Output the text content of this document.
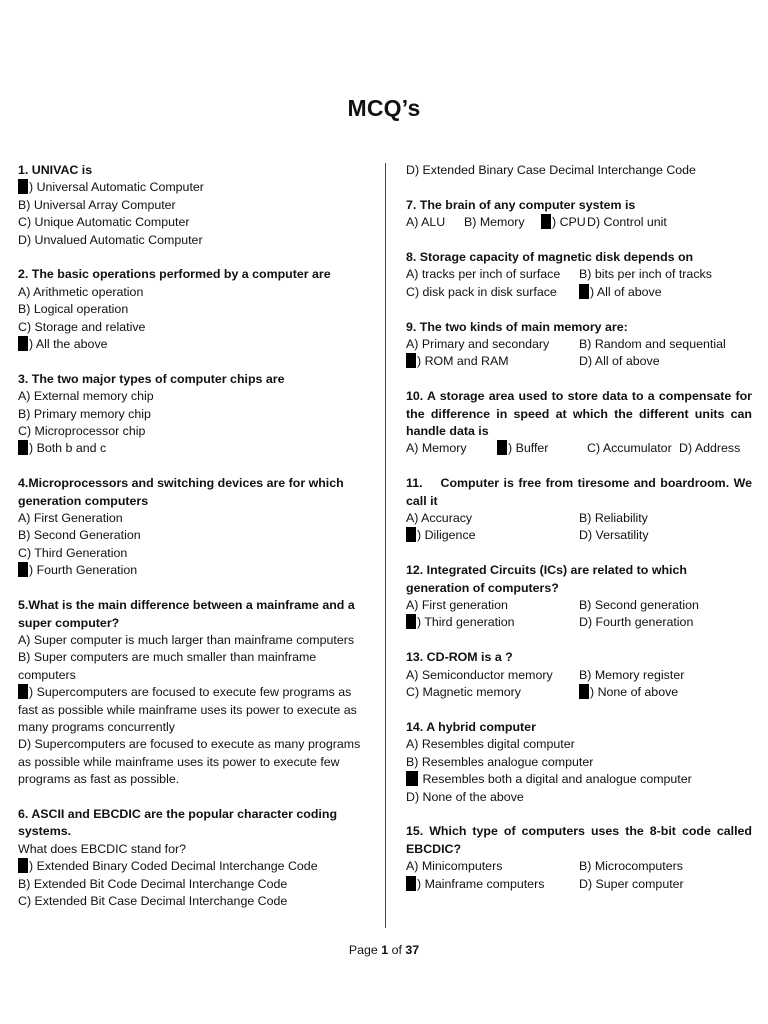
MCQ’s
1. UNIVAC is
) Universal Automatic Computer
B) Universal Array Computer
C) Unique Automatic Computer
D) Unvalued Automatic Computer
2. The basic operations performed by a computer are
A) Arithmetic operation
B) Logical operation
C) Storage and relative
) All the above
3. The two major types of computer chips are
A) External memory chip
B) Primary memory chip
C) Microprocessor chip
) Both b and c
4.Microprocessors and switching devices are for which generation computers
A) First Generation
B) Second Generation
C) Third Generation
) Fourth Generation
5.What is the main difference between a mainframe and a super computer?
A) Super computer is much larger than mainframe computers
B) Super computers are much smaller than mainframe computers
) Supercomputers are focused to execute few programs as fast as possible while mainframe uses its power to execute as many programs concurrently
D) Supercomputers are focused to execute as many programs as possible while mainframe uses its power to execute few programs as fast as possible.
6. ASCII and EBCDIC are the popular character coding systems.
What does EBCDIC stand for?
) Extended Binary Coded Decimal Interchange Code
B) Extended Bit Code Decimal Interchange Code
C) Extended Bit Case Decimal Interchange Code
D) Extended Binary Case Decimal Interchange Code
7. The brain of any computer system is
A) ALU	B) Memory	) CPU D) Control unit
8. Storage capacity of magnetic disk depends on
A) tracks per inch of surface	B) bits per inch of tracks
C) disk pack in disk surface	) All of above
9. The two kinds of main memory are:
A) Primary and secondary	B) Random and sequential
) ROM and RAM	D) All of above
10. A storage area used to store data to a compensate for the difference in speed at which the different units can handle data is
A) Memory	) Buffer	C) Accumulator D) Address
11.    Computer is free from tiresome and boardroom. We call it
A) Accuracy	B) Reliability
) Diligence	D) Versatility
12. Integrated Circuits (ICs) are related to which generation of computers?
A) First generation	B) Second generation
) Third generation	D) Fourth generation
13. CD-ROM is a ?
A) Semiconductor memory	B) Memory register
C) Magnetic memory	) None of above
14. A hybrid computer
A) Resembles digital computer
B) Resembles analogue computer
Resembles both a digital and analogue computer
D) None of the above
15. Which type of computers uses the 8-bit code called EBCDIC?
A) Minicomputers	B) Microcomputers
) Mainframe computers	D) Super computer
Page 1 of 37
